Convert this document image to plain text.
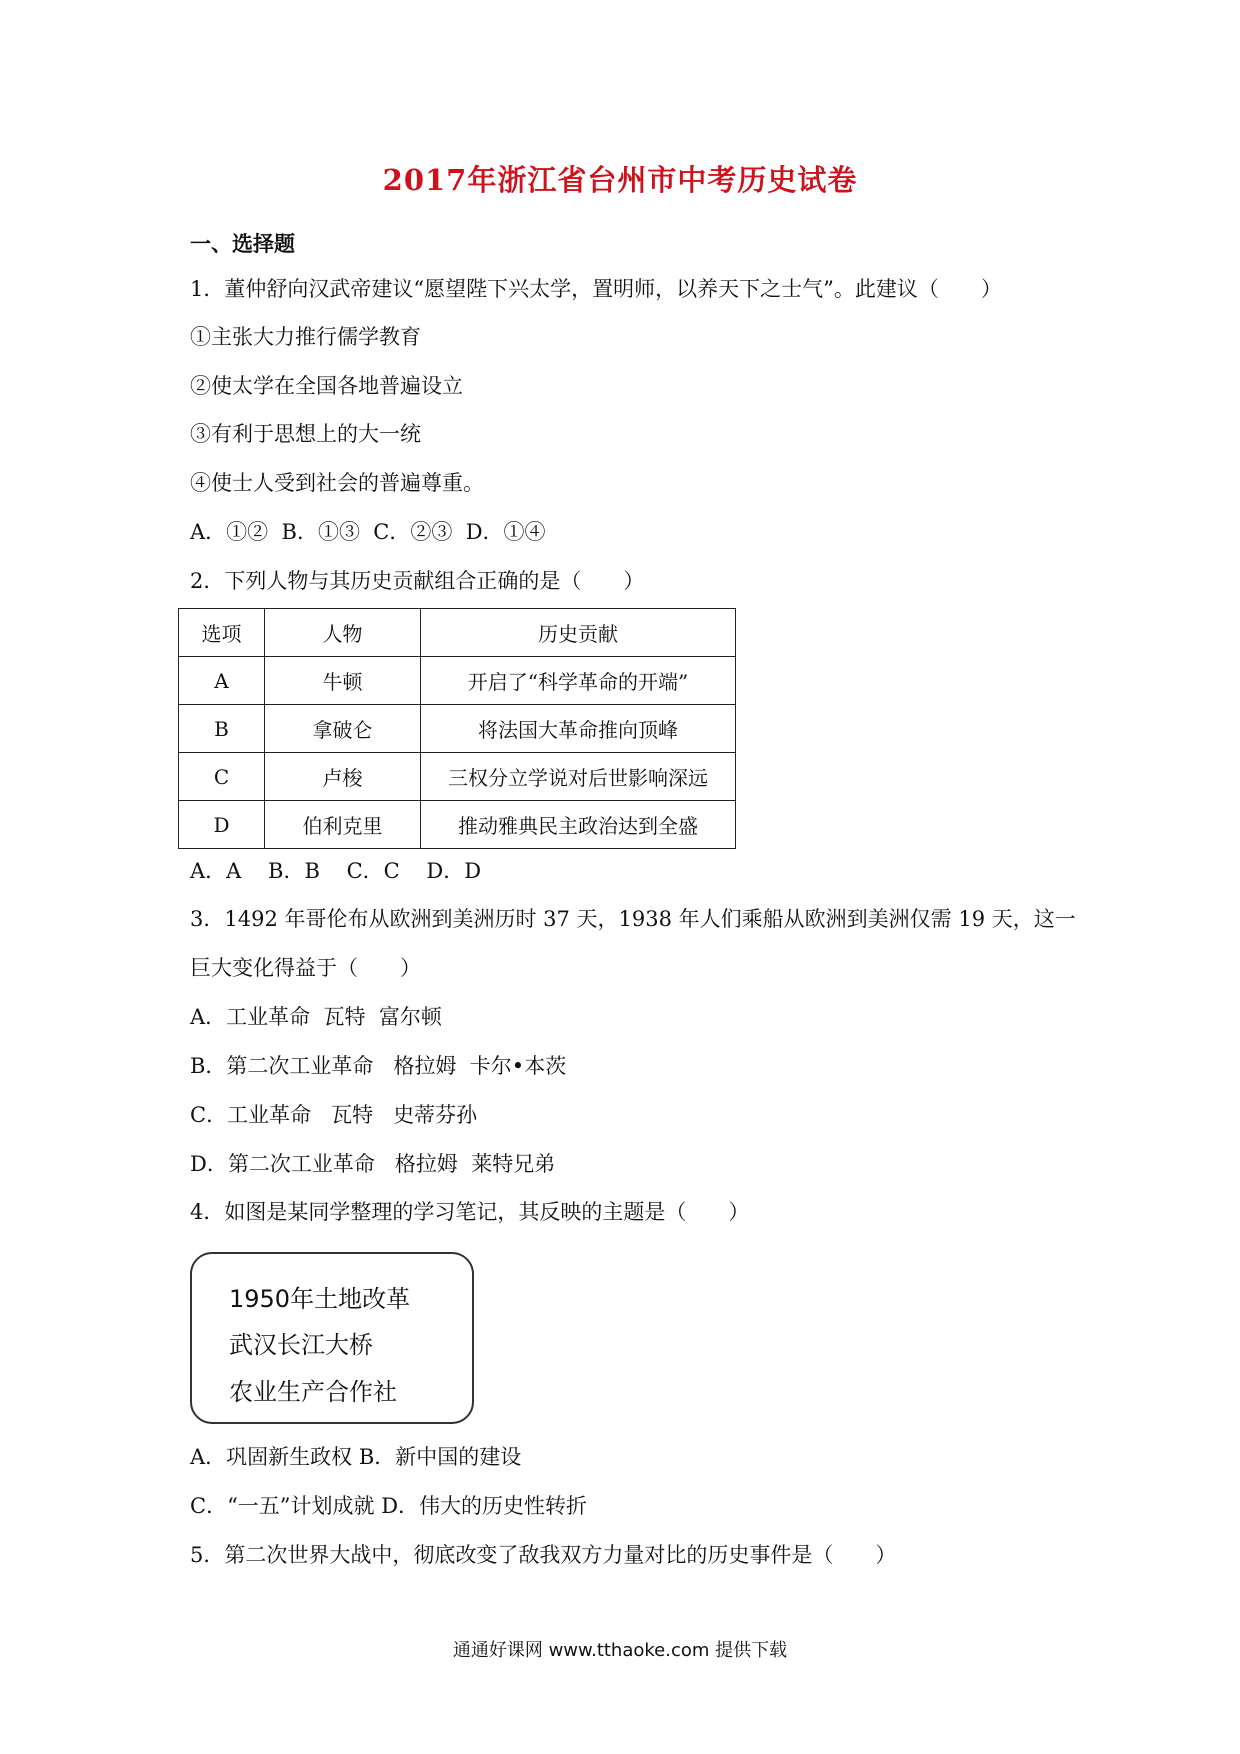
2017年浙江省台州市中考历史试卷
一、选择题
1．董仲舒向汉武帝建议“愿望陛下兴太学，置明师，以养天下之士气”。此建议（　　）
①主张大力推行儒学教育
②使太学在全国各地普遍设立
③有利于思想上的大一统
④使士人受到社会的普遍尊重。
A．①②  B．①③  C．②③  D．①④
2．下列人物与其历史贡献组合正确的是（　　）
选项	人物	历史贡献
A	牛顿	开启了“科学革命的开端”
B	拿破仑	将法国大革命推向顶峰
C	卢梭	三权分立学说对后世影响深远
D	伯利克里	推动雅典民主政治达到全盛
A．A    B．B    C．C    D．D
3．1492 年哥伦布从欧洲到美洲历时 37 天，1938 年人们乘船从欧洲到美洲仅需 19 天，这一
巨大变化得益于（　　）
A．工业革命  瓦特  富尔顿
B．第二次工业革命   格拉姆  卡尔•本茨
C．工业革命   瓦特   史蒂芬孙
D．第二次工业革命   格拉姆  莱特兄弟
4．如图是某同学整理的学习笔记，其反映的主题是（　　）
1950年土地改革
武汉长江大桥
农业生产合作社
A．巩固新生政权 B．新中国的建设
C．“一五”计划成就 D．伟大的历史性转折
5．第二次世界大战中，彻底改变了敌我双方力量对比的历史事件是（　　）
通通好课网 www.tthaoke.com 提供下载
